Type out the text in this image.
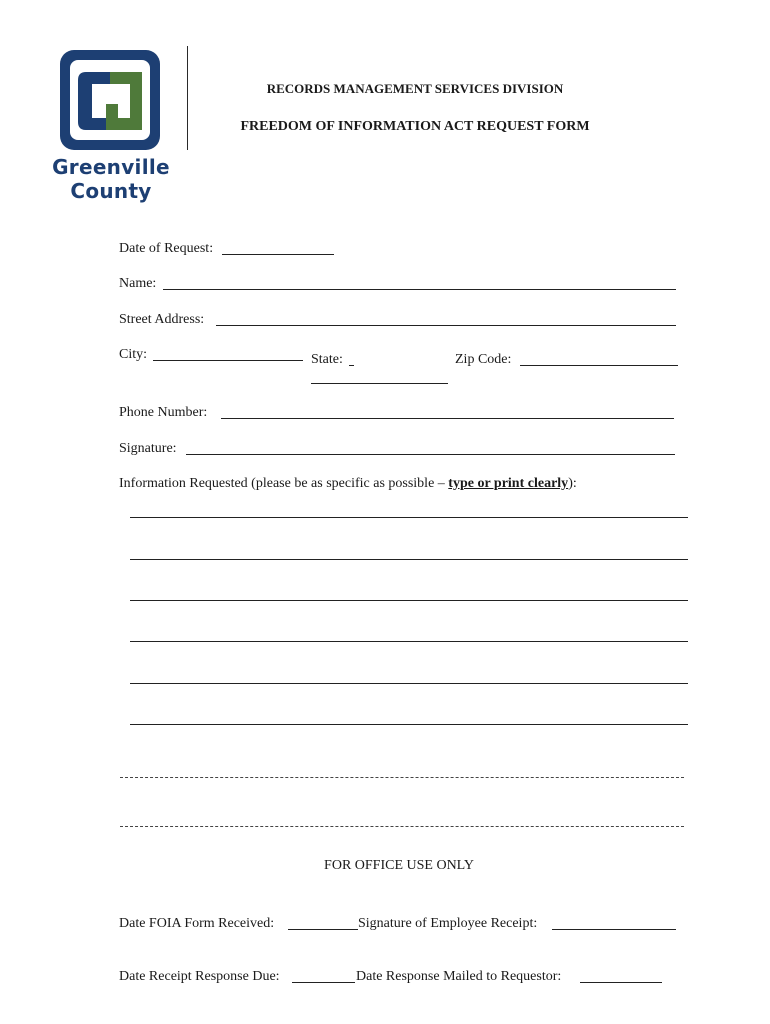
Greenville
County
RECORDS MANAGEMENT SERVICES DIVISION
FREEDOM OF INFORMATION ACT REQUEST FORM
Date of Request:
Name:
Street Address:
City:	State:	Zip Code:
Phone Number:
Signature:
Information Requested (please be as specific as possible – type or print clearly):
FOR OFFICE USE ONLY
Date FOIA Form Received:	Signature of Employee Receipt:
Date Receipt Response Due:	Date Response Mailed to Requestor:
